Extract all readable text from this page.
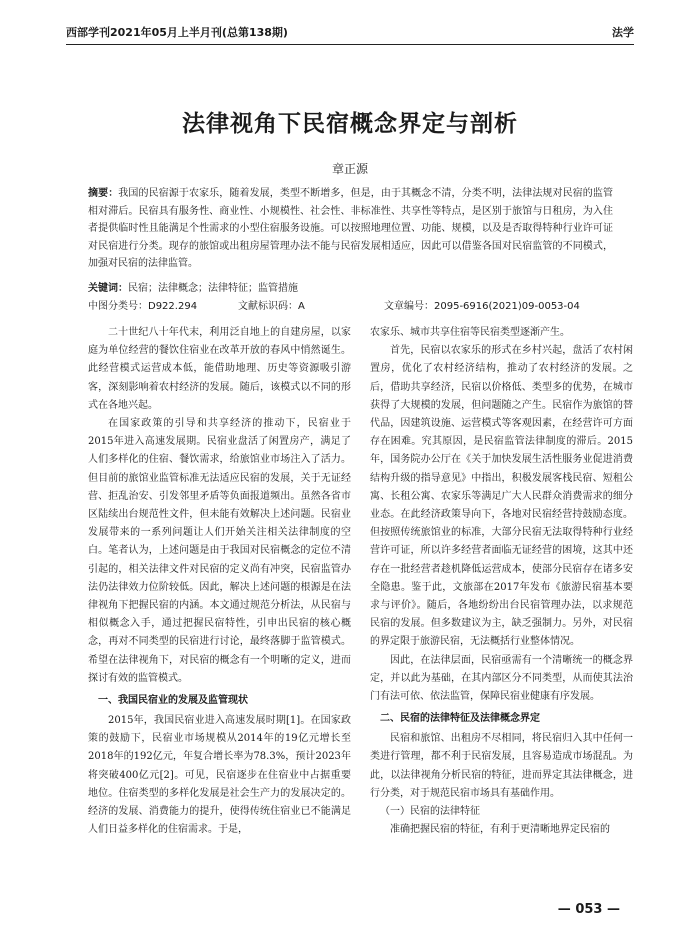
西部学刊2021年05月上半月刊(总第138期)	法学
法律视角下民宿概念界定与剖析
章正源
摘要：我国的民宿源于农家乐，随着发展，类型不断增多，但是，由于其概念不清，分类不明，法律法规对民宿的监管相对滞后。民宿具有服务性、商业性、小规模性、社会性、非标准性、共享性等特点，是区别于旅馆与日租房，为入住者提供临时性且能满足个性需求的小型住宿服务设施。可以按照地理位置、功能、规模，以及是否取得特种行业许可证对民宿进行分类。现存的旅馆或出租房屋管理办法不能与民宿发展相适应，因此可以借鉴各国对民宿监管的不同模式，加强对民宿的法律监管。
关键词：民宿；法律概念；法律特征；监管措施
中图分类号：D922.294	文献标识码：A	文章编号：2095-6916(2021)09-0053-04

二十世纪八十年代末，利用泛自地上的自建房屋，以家庭为单位经营的餐饮住宿业在改革开放的春风中悄然诞生。此经营模式运营成本低，能借助地理、历史等资源吸引游客，深刻影响着农村经济的发展。随后，该模式以不同的形式在各地兴起。

在国家政策的引导和共享经济的推动下，民宿业于2015年进入高速发展期。民宿业盘活了闲置房产，满足了人们多样化的住宿、餐饮需求，给旅馆业市场注入了活力。但目前的旅馆业监管标准无法适应民宿的发展，关于无证经营、拒乱治安、引发邻里矛盾等负面报道频出。虽然各省市区陆续出台规范性文件，但未能有效解决上述问题。民宿业发展带来的一系列问题让人们开始关注相关法律制度的空白。笔者认为，上述问题是由于我国对民宿概念的定位不清引起的，相关法律文件对民宿的定义尚有冲突，民宿监管办法仍法律效力位阶较低。因此，解决上述问题的根源是在法律视角下把握民宿的内涵。本文通过规范分析法，从民宿与相似概念入手，通过把握民宿特性，引申出民宿的核心概念，再对不同类型的民宿进行讨论，最终落脚于监管模式。希望在法律视角下，对民宿的概念有一个明晰的定义，进而探讨有效的监管模式。

一、我国民宿业的发展及监管现状

2015年，我国民宿业进入高速发展时期[1]。在国家政策的鼓励下，民宿业市场规模从2014年的19亿元增长至2018年的192亿元，年复合增长率为78.3%，预计2023年将突破400亿元[2]。可见，民宿逐步在住宿业中占据重要地位。住宿类型的多样化发展是社会生产力的发展决定的。经济的发展、消费能力的提升，使得传统住宿业已不能满足人们日益多样化的住宿需求。于是，

农家乐、城市共享住宿等民宿类型逐渐产生。

首先，民宿以农家乐的形式在乡村兴起，盘活了农村闲置房，优化了农村经济结构，推动了农村经济的发展。之后，借助共享经济，民宿以价格低、类型多的优势，在城市获得了大规模的发展，但问题随之产生。民宿作为旅馆的替代品，因建筑设施、运营模式等客观因素，在经营许可方面存在困难。究其原因，是民宿监管法律制度的滞后。2015年，国务院办公厅在《关于加快发展生活性服务业促进消费结构升级的指导意见》中指出，积极发展客栈民宿、短租公寓、长租公寓、农家乐等满足广大人民群众消费需求的细分业态。在此经济政策导向下，各地对民宿经营持鼓励态度。但按照传统旅馆业的标准，大部分民宿无法取得特种行业经营许可证，所以许多经营者面临无证经营的困境，这其中还存在一批经营者趁机降低运营成本，使部分民宿存在诸多安全隐患。鉴于此，文旅部在2017年发布《旅游民宿基本要求与评价》。随后，各地纷纷出台民宿管理办法，以求规范民宿的发展。但多数建议为主，缺乏强制力。另外，对民宿的界定限于旅游民宿，无法概括行业整体情况。

因此，在法律层面，民宿亟需有一个清晰统一的概念界定，并以此为基础，在其内部区分不同类型，从而使其法治门有法可依、依法监管，保障民宿业健康有序发展。

二、民宿的法律特征及法律概念界定

民宿和旅馆、出租房不尽相同，将民宿归入其中任何一类进行管理，都不利于民宿发展，且容易造成市场混乱。为此，以法律视角分析民宿的特征，进而界定其法律概念，进行分类，对于规范民宿市场具有基础作用。

（一）民宿的法律特征

准确把握民宿的特征，有利于更清晰地界定民宿的

— 053 —
